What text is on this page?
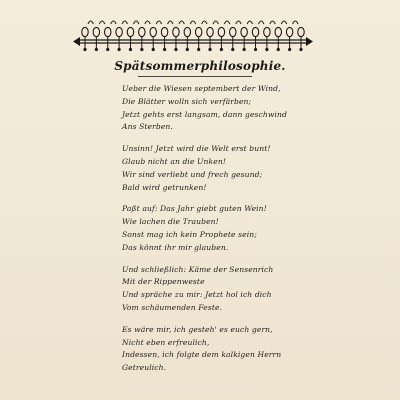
Spätsommerphilosophie.
Ueber die Wiesen septembert der Wind,
Die Blätter wolln sich verfärben;
Jetzt gehts erst langsam, dann geschwind
Ans Sterben.
Unsinn! Jetzt wird die Welt erst bunt!
Glaub nicht an die Unken!
Wir sind verliebt und frech gesund;
Bald wird getrunken!
Paßt auf: Das Jahr giebt guten Wein!
Wie lachen die Trauben!
Sonst mag ich kein Prophete sein;
Das könnt ihr mir glauben.
Und schließlich: Käme der Sensenrich
Mit der Rippenweste
Und spräche zu mir: Jetzt hol ich dich
Vom schäumenden Feste.
Es wäre mir, ich gesteh' es euch gern,
Nicht eben erfreulich,
Indessen, ich folgte dem kalkigen Herrn
Getreulich.
